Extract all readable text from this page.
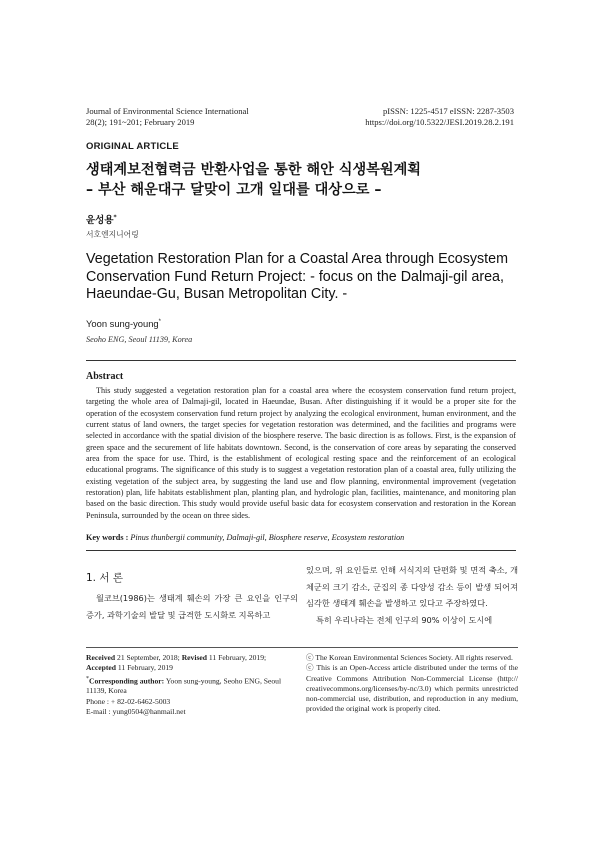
Journal of Environmental Science International
28(2); 191~201; February 2019
pISSN: 1225-4517 eISSN: 2287-3503
https://doi.org/10.5322/JESI.2019.28.2.191
ORIGINAL ARTICLE
생태계보전협력금 반환사업을 통한 해안 식생복원계획
– 부산 해운대구 달맞이 고개 일대를 대상으로 –
윤성용*
서호엔지니어링
Vegetation Restoration Plan for a Coastal Area through Ecosystem Conservation Fund Return Project: - focus on the Dalmaji-gil area, Haeundae-Gu, Busan Metropolitan City. -
Yoon sung-young*
Seoho ENG, Seoul 11139, Korea
Abstract
This study suggested a vegetation restoration plan for a coastal area where the ecosystem conservation fund return project, targeting the whole area of Dalmaji-gil, located in Haeundae, Busan. After distinguishing if it would be a proper site for the operation of the ecosystem conservation fund return project by analyzing the ecological environment, human environment, and the current status of land owners, the target species for vegetation restoration was determined, and the facilities and programs were selected in accordance with the spatial division of the biosphere reserve. The basic direction is as follows. First, is the expansion of green space and the securement of life habitats downtown. Second, is the conservation of core areas by separating the conserved area from the space for use. Third, is the establishment of ecological resting space and the reinforcement of an ecological educational programs. The significance of this study is to suggest a vegetation restoration plan of a coastal area, fully utilizing the existing vegetation of the subject area, by suggesting the land use and flow planning, environmental improvement (vegetation restoration) plan, life habitats establishment plan, planting plan, and hydrologic plan, facilities, maintenance, and monitoring plan based on the basic direction. This study would provide useful basic data for ecosystem conservation and restoration in the Korean Peninsula, surrounded by the ocean on three sides.
Key words : Pinus thunbergii community, Dalmaji-gil, Biosphere reserve, Ecosystem restoration
1. 서 론

월코브(1986)는 생태계 훼손의 가장 큰 요인을 인구의 증가, 과학기술의 발달 및 급격한 도시화로 지목하고

있으며, 위 요인들로 인해 서식지의 단편화 및 면적 축소, 개체군의 크기 감소, 군집의 종 다양성 감소 등이 발생 되어져 심각한 생태계 훼손을 발생하고 있다고 주장하였다.

특히 우리나라는 전체 인구의 90% 이상이 도시에

Received 21 September, 2018; Revised 11 February, 2019;
Accepted 11 February, 2019
*Corresponding author: Yoon sung-young, Seoho ENG, Seoul 11139, Korea
Phone : + 82-02-6462-5003
E-mail : yung0504@hanmail.net
ⓒ The Korean Environmental Sciences Society. All rights reserved.
ⓒ This is an Open-Access article distributed under the terms of the Creative Commons Attribution Non-Commercial License (http:// creativecommons.org/licenses/by-nc/3.0) which permits unrestricted non-commercial use, distribution, and reproduction in any medium, provided the original work is properly cited.
